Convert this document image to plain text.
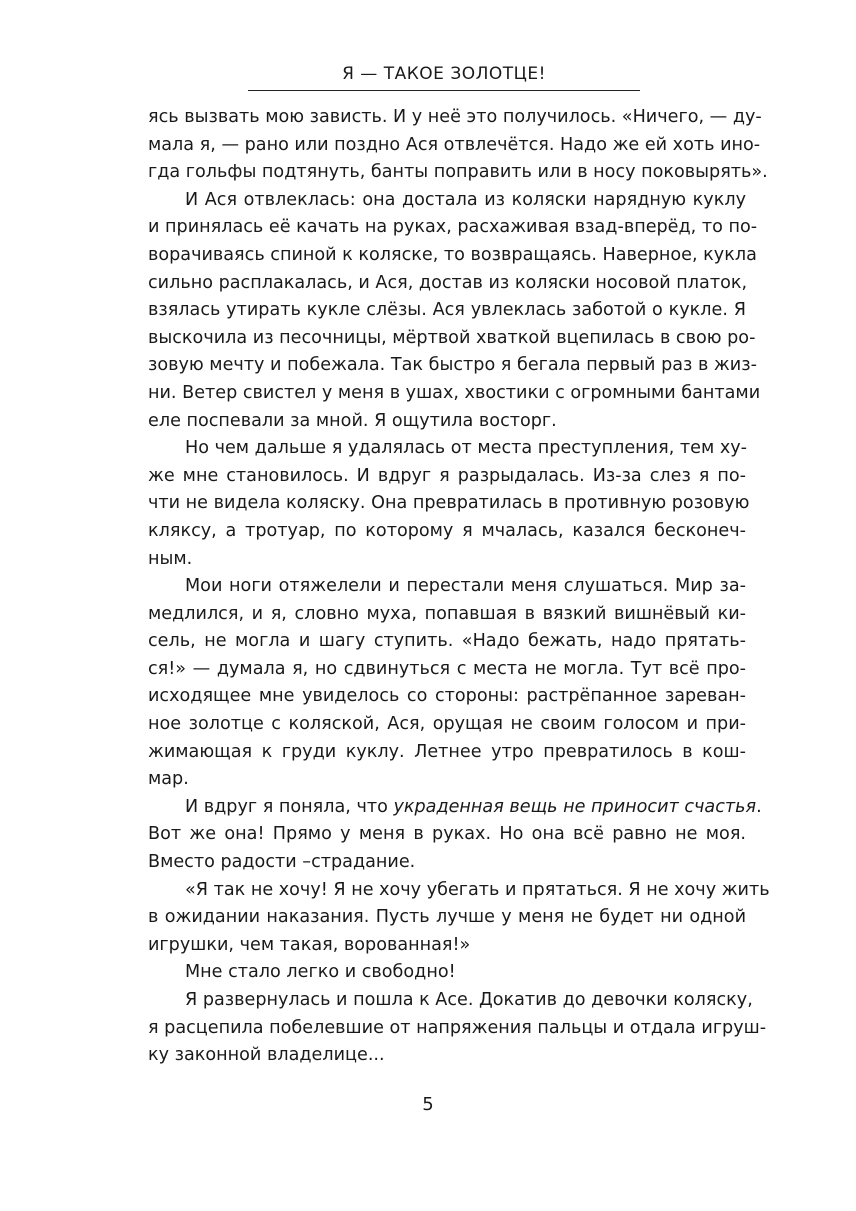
Я — ТАКОЕ ЗОЛОТЦЕ!
ясь вызвать мою зависть. И у неё это получилось. «Ничего, — ду-
мала я, — рано или поздно Ася отвлечётся. Надо же ей хоть ино-
гда гольфы подтянуть, банты поправить или в носу поковырять».
И Ася отвлеклась: она достала из коляски нарядную куклу
и принялась её качать на руках, расхаживая взад-вперёд, то по-
ворачиваясь спиной к коляске, то возвращаясь. Наверное, кукла
сильно расплакалась, и Ася, достав из коляски носовой платок,
взялась утирать кукле слёзы. Ася увлеклась заботой о кукле. Я
выскочила из песочницы, мёртвой хваткой вцепилась в свою ро-
зовую мечту и побежала. Так быстро я бегала первый раз в жиз-
ни. Ветер свистел у меня в ушах, хвостики с огромными бантами
еле поспевали за мной. Я ощутила восторг.
Но чем дальше я удалялась от места преступления, тем ху-
же мне становилось. И вдруг я разрыдалась. Из-за слез я по-
чти не видела коляску. Она превратилась в противную розовую
кляксу, а тротуар, по которому я мчалась, казался бесконеч-
ным.
Мои ноги отяжелели и перестали меня слушаться. Мир за-
медлился, и я, словно муха, попавшая в вязкий вишнёвый ки-
сель, не могла и шагу ступить. «Надо бежать, надо прятать-
ся!» — думала я, но сдвинуться с места не могла. Тут всё про-
исходящее мне увиделось со стороны: растрёпанное зареван-
ное золотце с коляской, Ася, орущая не своим голосом и при-
жимающая к груди куклу. Летнее утро превратилось в кош-
мар.
И вдруг я поняла, что украденная вещь не приносит счастья.
Вот же она! Прямо у меня в руках. Но она всё равно не моя.
Вместо радости –страдание.
«Я так не хочу! Я не хочу убегать и прятаться. Я не хочу жить
в ожидании наказания. Пусть лучше у меня не будет ни одной
игрушки, чем такая, ворованная!»
Мне стало легко и свободно!
Я развернулась и пошла к Асе. Докатив до девочки коляску,
я расцепила побелевшие от напряжения пальцы и отдала игруш-
ку законной владелице...
5
